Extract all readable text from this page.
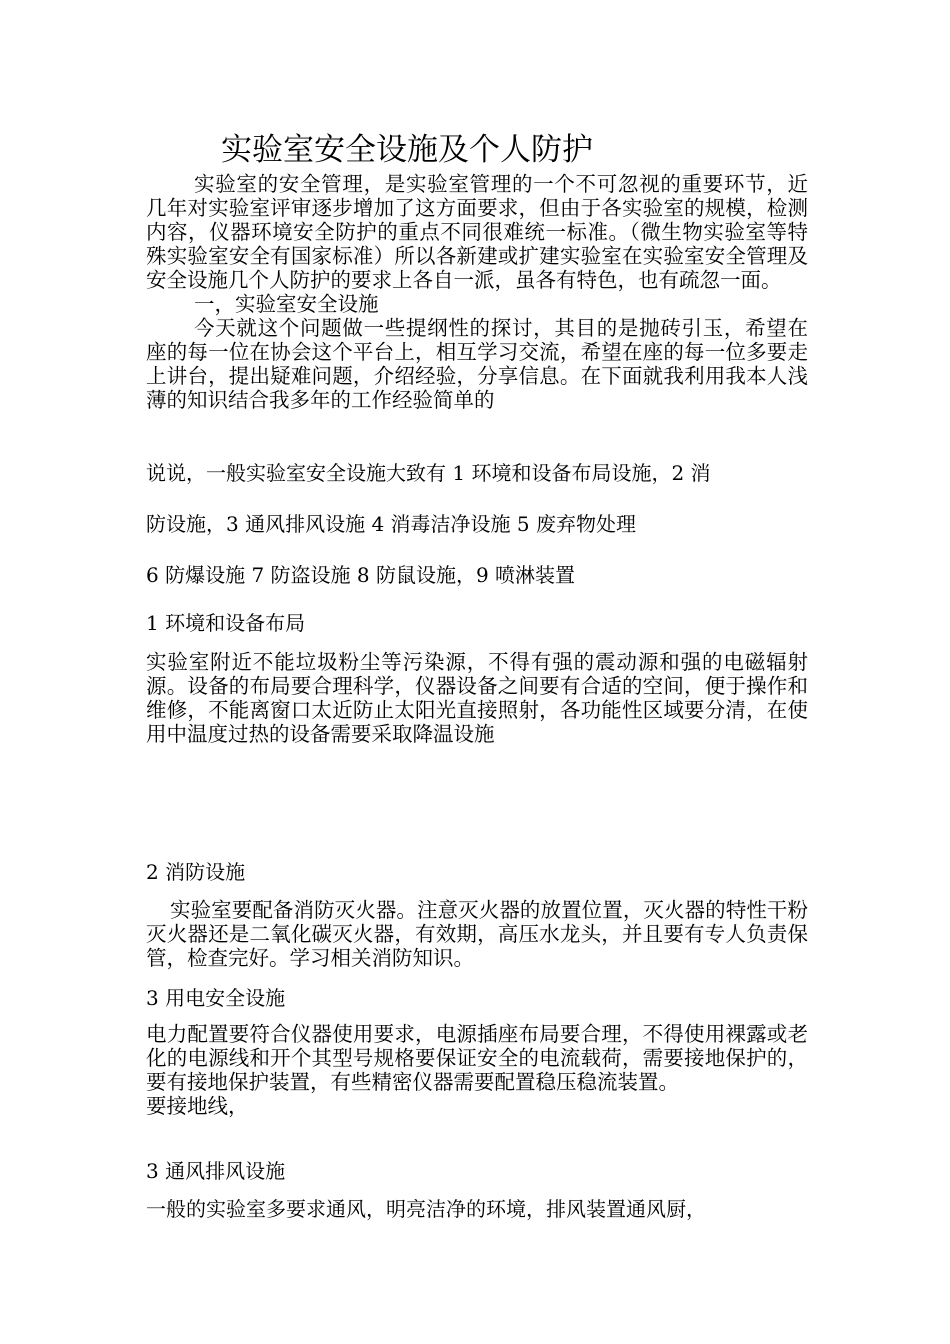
实验室安全设施及个人防护

实验室的安全管理，是实验室管理的一个不可忽视的重要环节，近几年对实验室评审逐步增加了这方面要求，但由于各实验室的规模，检测内容，仪器环境安全防护的重点不同很难统一标准。（微生物实验室等特殊实验室安全有国家标准）所以各新建或扩建实验室在实验室安全管理及安全设施几个人防护的要求上各自一派，虽各有特色，也有疏忽一面。

一，实验室安全设施

今天就这个问题做一些提纲性的探讨，其目的是抛砖引玉，希望在座的每一位在协会这个平台上，相互学习交流，希望在座的每一位多要走上讲台，提出疑难问题，介绍经验，分享信息。在下面就我利用我本人浅薄的知识结合我多年的工作经验简单的

说说，一般实验室安全设施大致有 1 环境和设备布局设施，2 消
防设施，3 通风排风设施 4 消毒洁净设施 5 废弃物处理
6 防爆设施 7 防盗设施 8 防鼠设施，9 喷淋装置
1 环境和设备布局

实验室附近不能垃圾粉尘等污染源，不得有强的震动源和强的电磁辐射源。设备的布局要合理科学，仪器设备之间要有合适的空间，便于操作和维修，不能离窗口太近防止太阳光直接照射，各功能性区域要分清，在使用中温度过热的设备需要采取降温设施

2 消防设施

实验室要配备消防灭火器。注意灭火器的放置位置，灭火器的特性干粉灭火器还是二氧化碳灭火器，有效期，高压水龙头，并且要有专人负责保管，检查完好。学习相关消防知识。

3 用电安全设施

电力配置要符合仪器使用要求，电源插座布局要合理，不得使用裸露或老化的电源线和开个其型号规格要保证安全的电流载荷，需要接地保护的，要有接地保护装置，有些精密仪器需要配置稳压稳流装置。

要接地线，

3 通风排风设施
一般的实验室多要求通风，明亮洁净的环境，排风装置通风厨，
